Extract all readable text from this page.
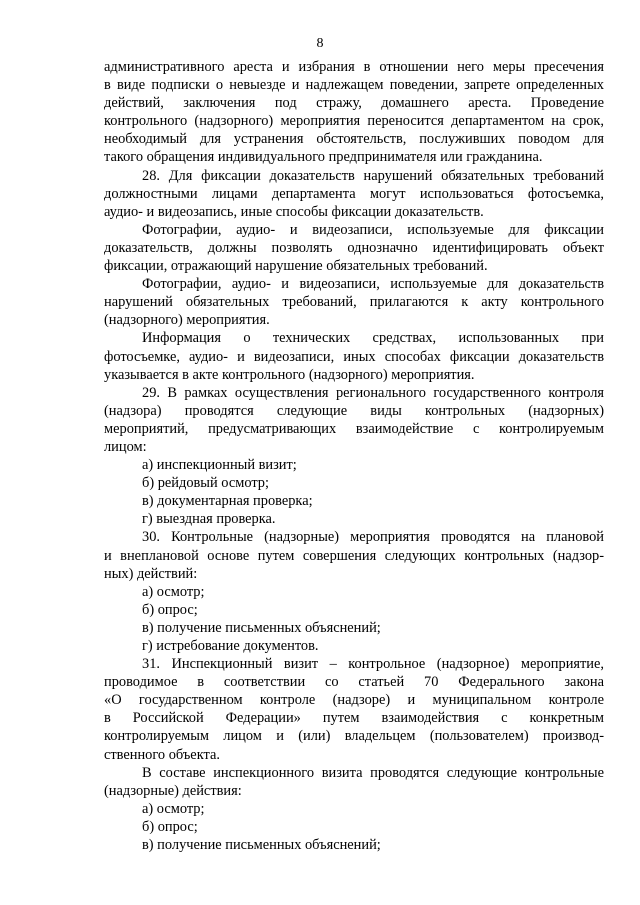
8
административного ареста и избрания в отношении него меры пресечения
в виде подписки о невыезде и надлежащем поведении, запрете определенных
действий, заключения под стражу, домашнего ареста. Проведение
контрольного (надзорного) мероприятия переносится департаментом на срок,
необходимый для устранения обстоятельств, послуживших поводом для
такого обращения индивидуального предпринимателя или гражданина.
28. Для фиксации доказательств нарушений обязательных требований
должностными лицами департамента могут использоваться фотосъемка,
аудио- и видеозапись, иные способы фиксации доказательств.
Фотографии, аудио- и видеозаписи, используемые для фиксации
доказательств, должны позволять однозначно идентифицировать объект
фиксации, отражающий нарушение обязательных требований.
Фотографии, аудио- и видеозаписи, используемые для доказательств
нарушений обязательных требований, прилагаются к акту контрольного
(надзорного) мероприятия.
Информация о технических средствах, использованных при
фотосъемке, аудио- и видеозаписи, иных способах фиксации доказательств
указывается в акте контрольного (надзорного) мероприятия.
29. В рамках осуществления регионального государственного контроля
(надзора) проводятся следующие виды контрольных (надзорных)
мероприятий, предусматривающих взаимодействие с контролируемым
лицом:
а) инспекционный визит;
б) рейдовый осмотр;
в) документарная проверка;
г) выездная проверка.
30. Контрольные (надзорные) мероприятия проводятся на плановой
и внеплановой основе путем совершения следующих контрольных (надзор-
ных) действий:
а) осмотр;
б) опрос;
в) получение письменных объяснений;
г) истребование документов.
31. Инспекционный визит – контрольное (надзорное) мероприятие,
проводимое в соответствии со статьей 70 Федерального закона
«О государственном контроле (надзоре) и муниципальном контроле
в Российской Федерации» путем взаимодействия с конкретным
контролируемым лицом и (или) владельцем (пользователем) производ-
ственного объекта.
В составе инспекционного визита проводятся следующие контрольные
(надзорные) действия:
а) осмотр;
б) опрос;
в) получение письменных объяснений;
